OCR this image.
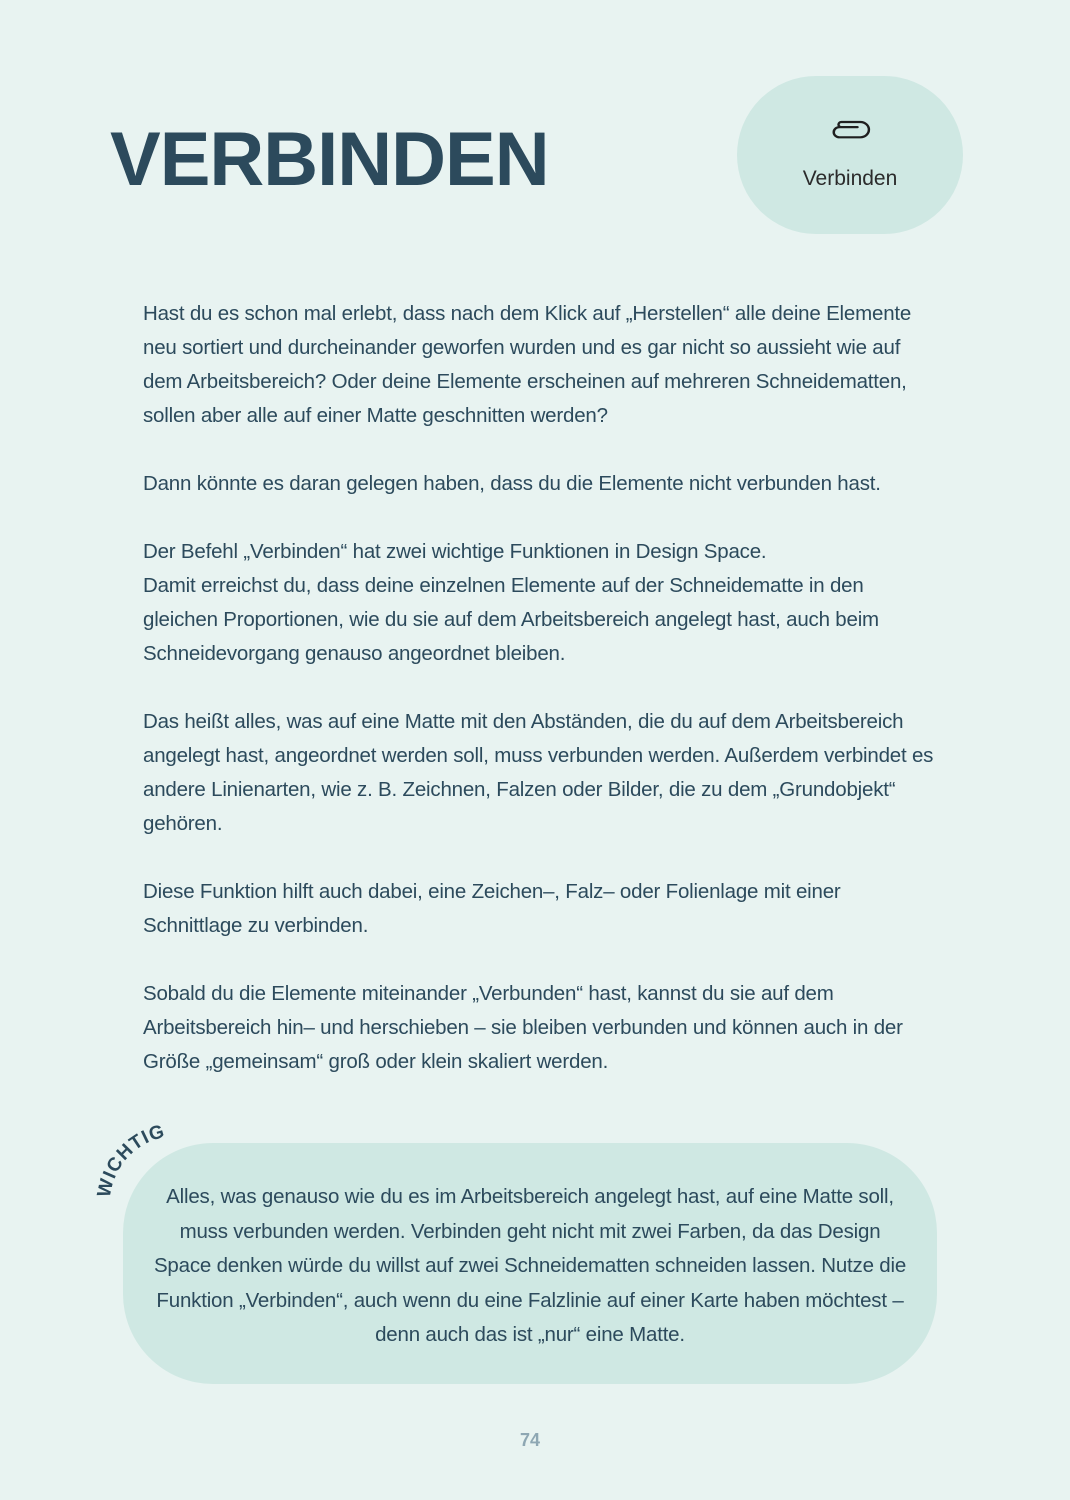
VERBINDEN	Verbinden

Hast du es schon mal erlebt, dass nach dem Klick auf „Herstellen“ alle deine Elemente neu sortiert und durcheinander geworfen wurden und es gar nicht so aussieht wie auf dem Arbeitsbereich? Oder deine Elemente erscheinen auf mehreren Schneidematten, sollen aber alle auf einer Matte geschnitten werden?

Dann könnte es daran gelegen haben, dass du die Elemente nicht verbunden hast.

Der Befehl „Verbinden“ hat zwei wichtige Funktionen in Design Space.
Damit erreichst du, dass deine einzelnen Elemente auf der Schneidematte in den gleichen Proportionen, wie du sie auf dem Arbeitsbereich angelegt hast, auch beim Schneidevorgang genauso angeordnet bleiben.

Das heißt alles, was auf eine Matte mit den Abständen, die du auf dem Arbeitsbereich angelegt hast, angeordnet werden soll, muss verbunden werden. Außerdem verbindet es andere Linienarten, wie z. B. Zeichnen, Falzen oder Bilder, die zu dem „Grundobjekt“ gehören.

Diese Funktion hilft auch dabei, eine Zeichen–, Falz– oder Folienlage mit einer Schnittlage zu verbinden.

Sobald du die Elemente miteinander „Verbunden“ hast, kannst du sie auf dem Arbeitsbereich hin– und herschieben – sie bleiben verbunden und können auch in der Größe „gemeinsam“ groß oder klein skaliert werden.

WICHTIG

Alles, was genauso wie du es im Arbeitsbereich angelegt hast, auf eine Matte soll, muss verbunden werden. Verbinden geht nicht mit zwei Farben, da das Design Space denken würde du willst auf zwei Schneidematten schneiden lassen. Nutze die Funktion „Verbinden“, auch wenn du eine Falzlinie auf einer Karte haben möchtest – denn auch das ist „nur“ eine Matte.

74
